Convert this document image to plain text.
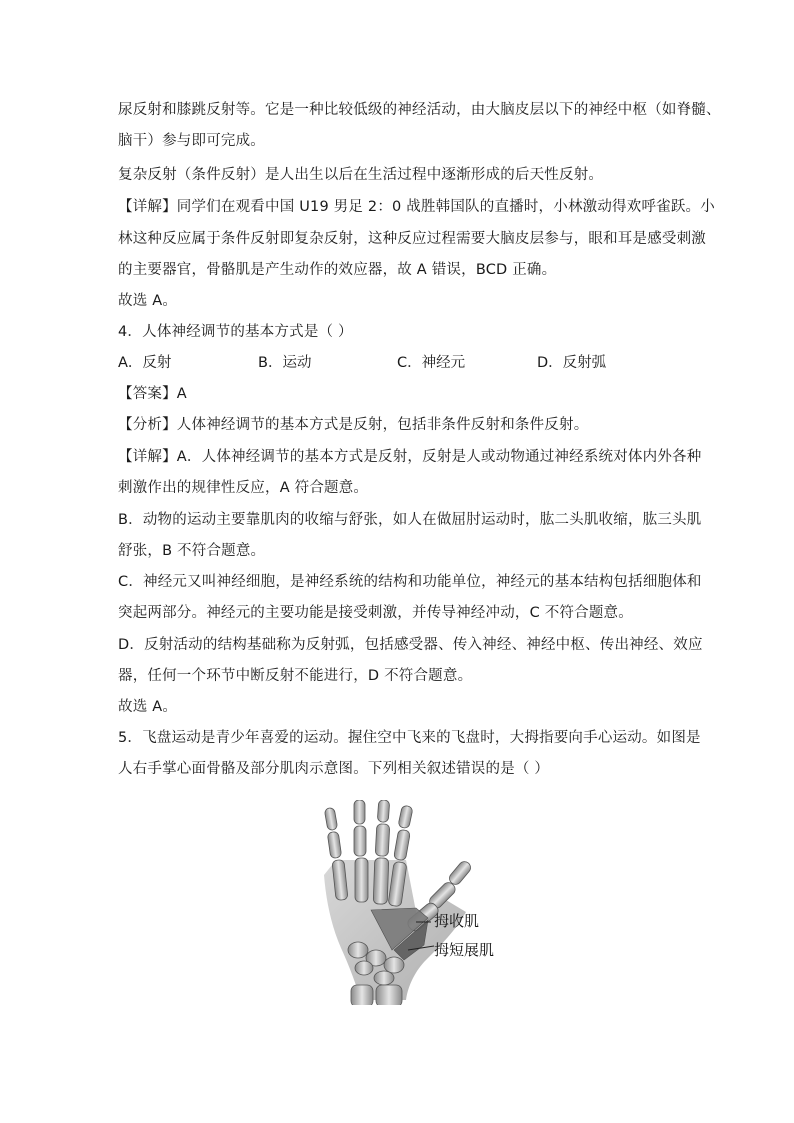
尿反射和膝跳反射等。它是一种比较低级的神经活动，由大脑皮层以下的神经中枢（如脊髓、
脑干）参与即可完成。
复杂反射（条件反射）是人出生以后在生活过程中逐渐形成的后天性反射。
【详解】同学们在观看中国 U19 男足 2：0 战胜韩国队的直播时，小林激动得欢呼雀跃。小
林这种反应属于条件反射即复杂反射，这种反应过程需要大脑皮层参与，眼和耳是感受刺激
的主要器官，骨骼肌是产生动作的效应器，故 A 错误，BCD 正确。
故选 A。
4．人体神经调节的基本方式是（ ）
A．反射	B．运动	C．神经元	D．反射弧
【答案】A
【分析】人体神经调节的基本方式是反射，包括非条件反射和条件反射。
【详解】A．人体神经调节的基本方式是反射，反射是人或动物通过神经系统对体内外各种
刺激作出的规律性反应，A 符合题意。
B．动物的运动主要靠肌肉的收缩与舒张，如人在做屈肘运动时，肱二头肌收缩，肱三头肌
舒张，B 不符合题意。
C．神经元又叫神经细胞，是神经系统的结构和功能单位，神经元的基本结构包括细胞体和
突起两部分。神经元的主要功能是接受刺激，并传导神经冲动，C 不符合题意。
D．反射活动的结构基础称为反射弧，包括感受器、传入神经、神经中枢、传出神经、效应
器，任何一个环节中断反射不能进行，D 不符合题意。
故选 A。
5．飞盘运动是青少年喜爱的运动。握住空中飞来的飞盘时，大拇指要向手心运动。如图是
人右手掌心面骨骼及部分肌肉示意图。下列相关叙述错误的是（ ）
拇收肌
拇短展肌
